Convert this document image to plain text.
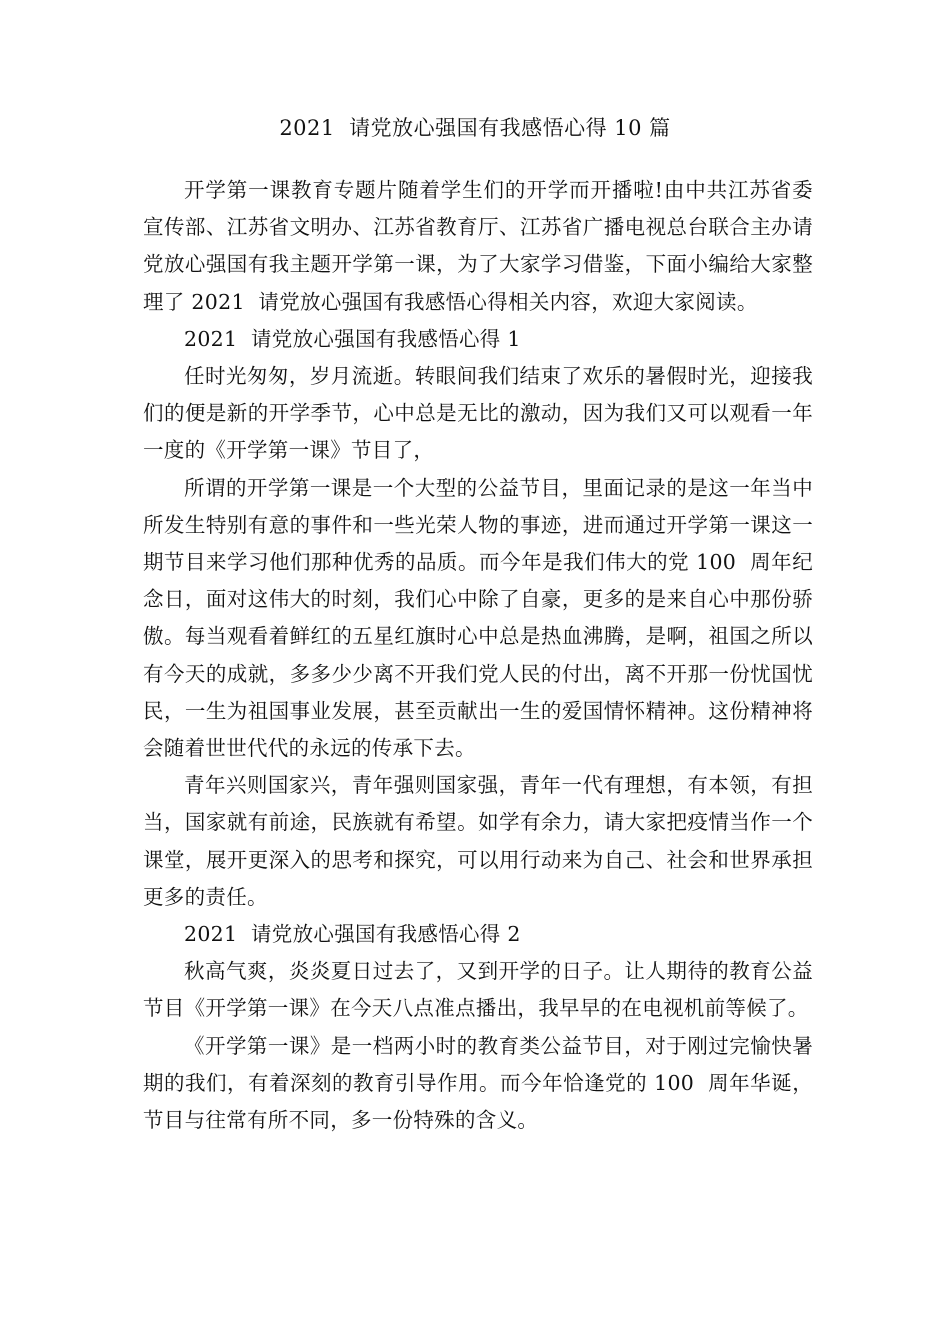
2021  请党放心强国有我感悟心得 10 篇

开学第一课教育专题片随着学生们的开学而开播啦!由中共江苏省委宣传部、江苏省文明办、江苏省教育厅、江苏省广播电视总台联合主办请党放心强国有我主题开学第一课，为了大家学习借鉴，下面小编给大家整理了 2021  请党放心强国有我感悟心得相关内容，欢迎大家阅读。

2021  请党放心强国有我感悟心得 1

任时光匆匆，岁月流逝。转眼间我们结束了欢乐的暑假时光，迎接我们的便是新的开学季节，心中总是无比的激动，因为我们又可以观看一年一度的《开学第一课》节目了，

所谓的开学第一课是一个大型的公益节目，里面记录的是这一年当中所发生特别有意的事件和一些光荣人物的事迹，进而通过开学第一课这一期节目来学习他们那种优秀的品质。而今年是我们伟大的党 100  周年纪念日，面对这伟大的时刻，我们心中除了自豪，更多的是来自心中那份骄傲。每当观看着鲜红的五星红旗时心中总是热血沸腾，是啊，祖国之所以有今天的成就，多多少少离不开我们党人民的付出，离不开那一份忧国忧民，一生为祖国事业发展，甚至贡献出一生的爱国情怀精神。这份精神将会随着世世代代的永远的传承下去。

青年兴则国家兴，青年强则国家强，青年一代有理想，有本领，有担当，国家就有前途，民族就有希望。如学有余力，请大家把疫情当作一个课堂，展开更深入的思考和探究，可以用行动来为自己、社会和世界承担更多的责任。

2021  请党放心强国有我感悟心得 2

秋高气爽，炎炎夏日过去了，又到开学的日子。让人期待的教育公益节目《开学第一课》在今天八点准点播出，我早早的在电视机前等候了。

《开学第一课》是一档两小时的教育类公益节目，对于刚过完愉快暑期的我们，有着深刻的教育引导作用。而今年恰逢党的 100  周年华诞，节目与往常有所不同，多一份特殊的含义。
